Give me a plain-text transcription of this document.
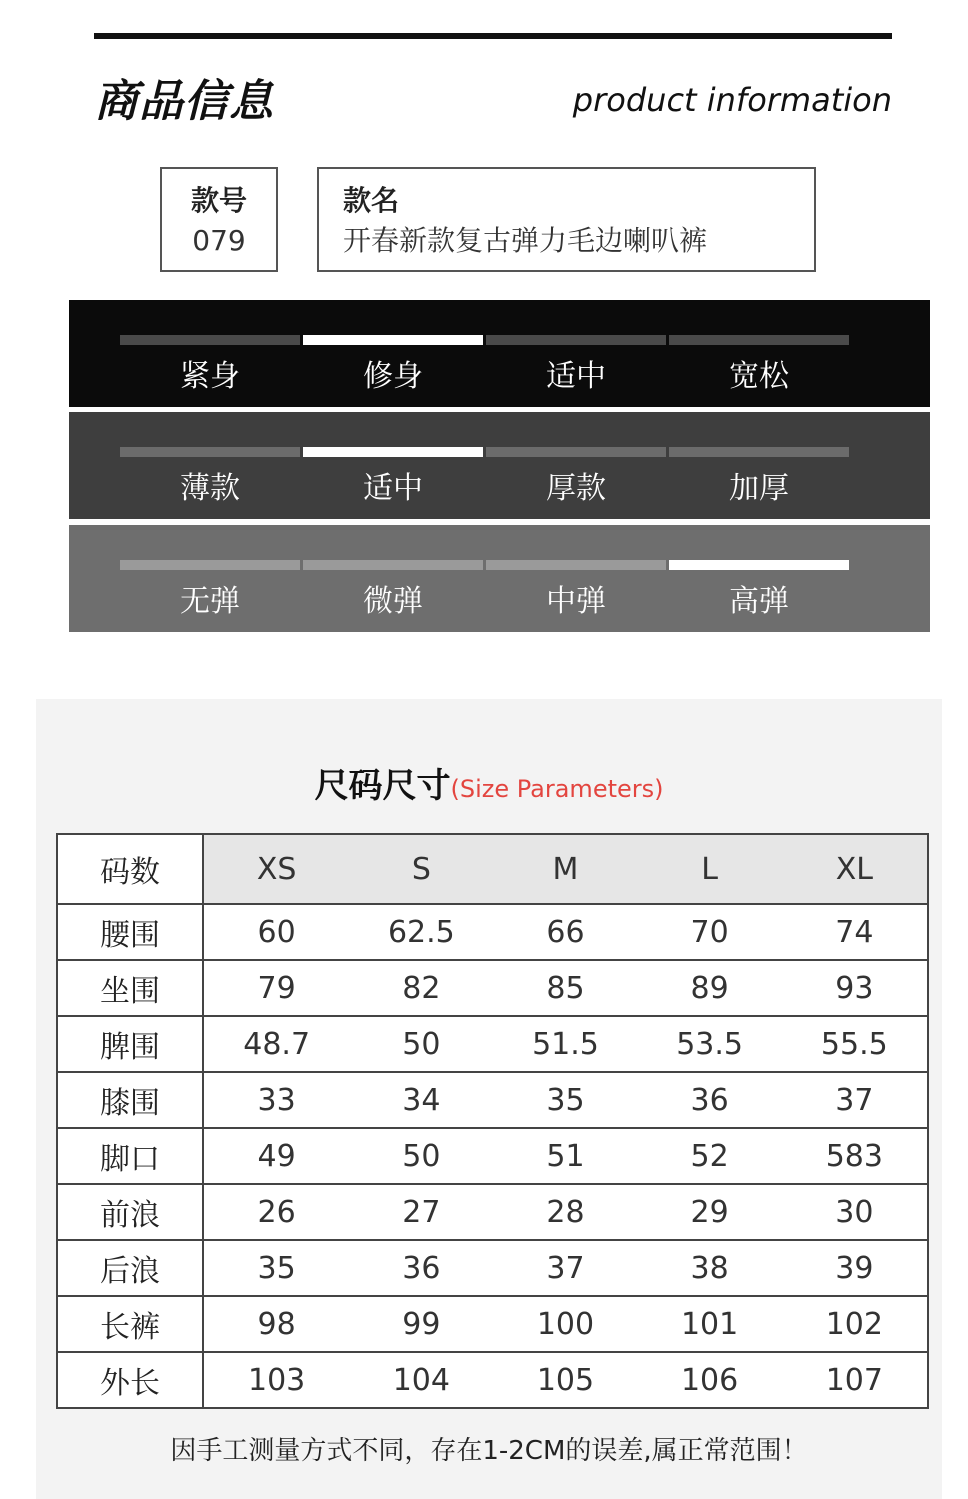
商品信息	product information
款号
079
款名
开春新款复古弹力毛边喇叭裤
紧身	修身	适中	宽松
薄款	适中	厚款	加厚
无弹	微弹	中弹	高弹
尺码尺寸(Size Parameters)
码数	XS	S	M	L	XL
腰围	60	62.5	66	70	74
坐围	79	82	85	89	93
脾围	48.7	50	51.5	53.5	55.5
膝围	33	34	35	36	37
脚口	49	50	51	52	583
前浪	26	27	28	29	30
后浪	35	36	37	38	39
长裤	98	99	100	101	102
外长	103	104	105	106	107
因手工测量方式不同，存在1-2CM的误差,属正常范围！
